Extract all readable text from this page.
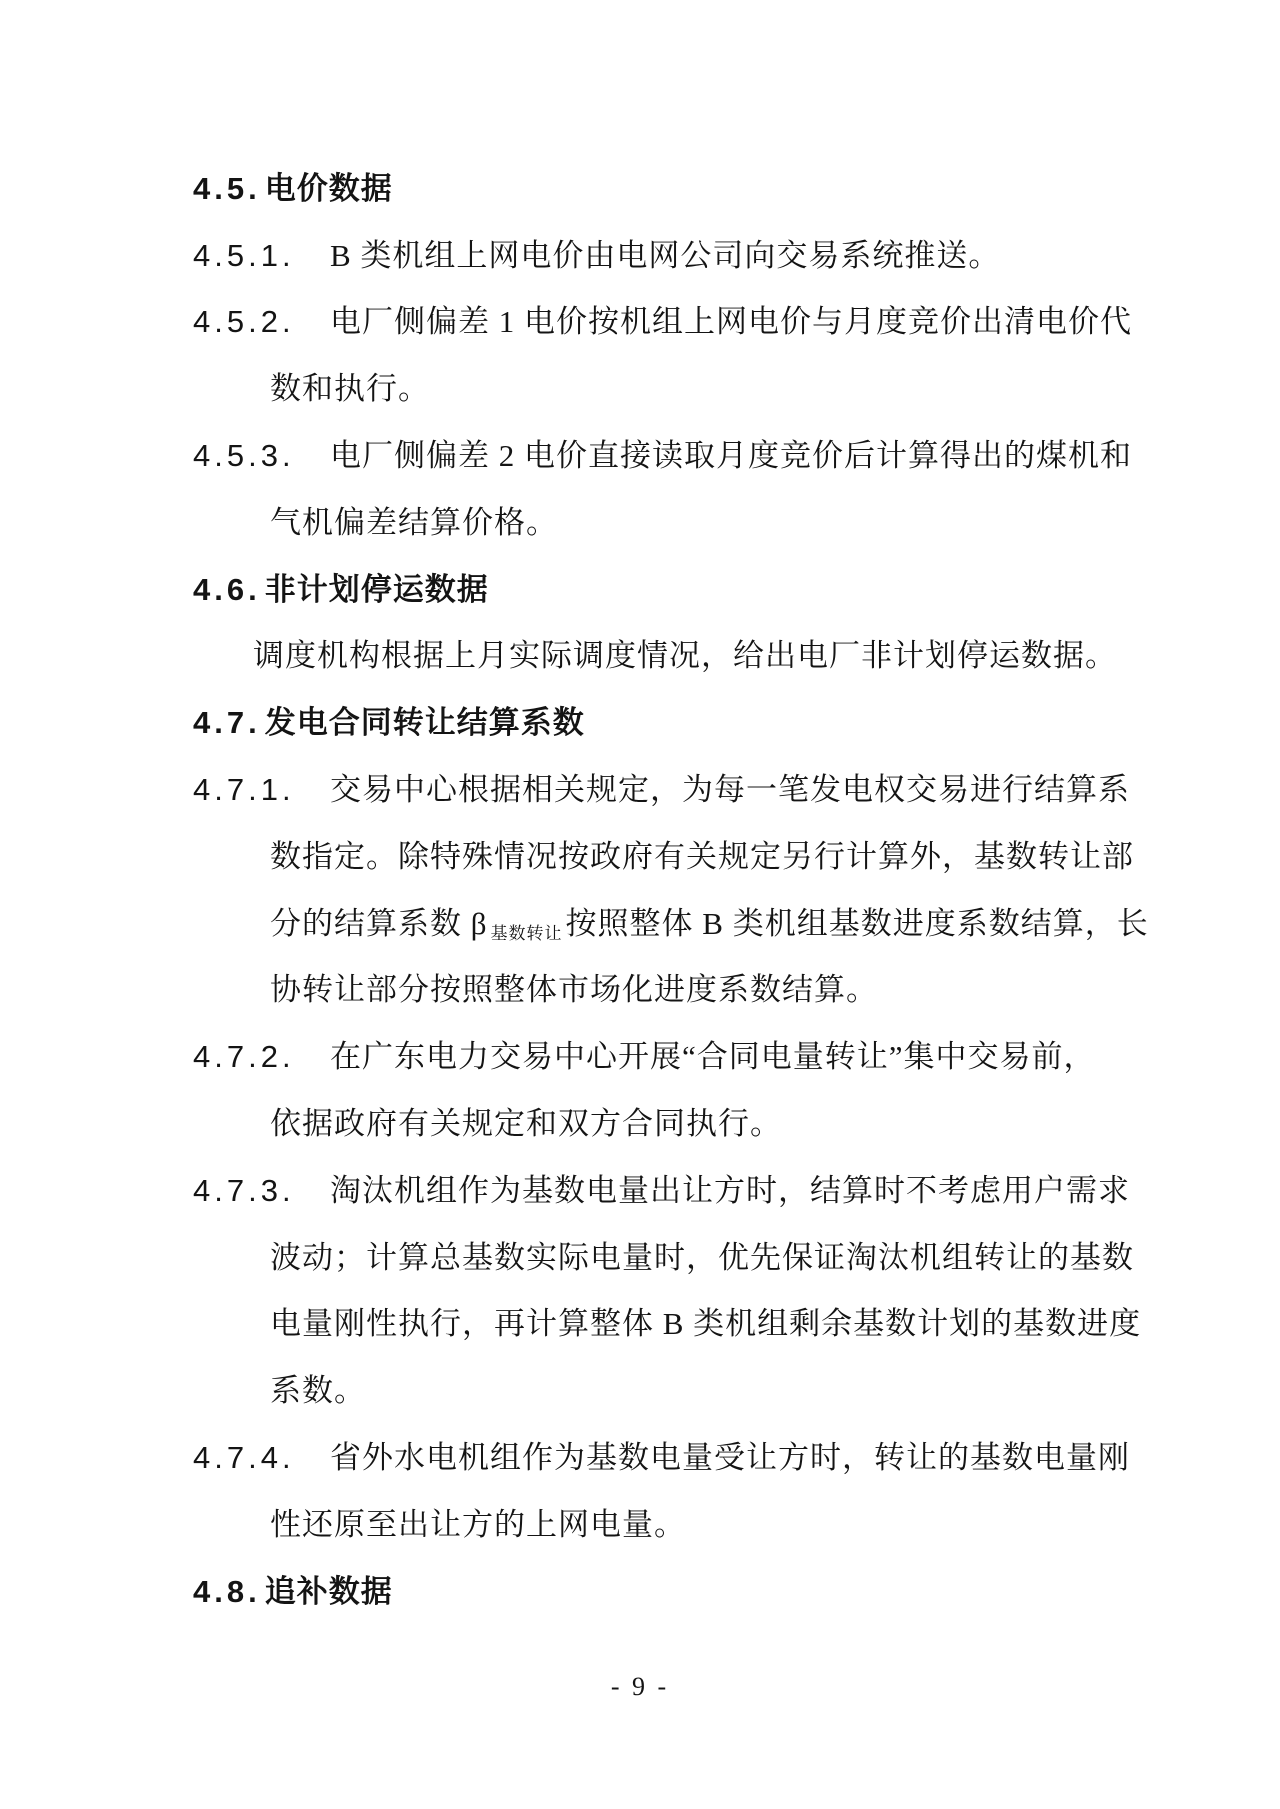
4.5. 电价数据
4.5.1.	B 类机组上网电价由电网公司向交易系统推送。
4.5.2.	电厂侧偏差 1 电价按机组上网电价与月度竞价出清电价代
数和执行。
4.5.3.	电厂侧偏差 2 电价直接读取月度竞价后计算得出的煤机和
气机偏差结算价格。
4.6. 非计划停运数据
调度机构根据上月实际调度情况，给出电厂非计划停运数据。
4.7. 发电合同转让结算系数
4.7.1.	交易中心根据相关规定，为每一笔发电权交易进行结算系
数指定。除特殊情况按政府有关规定另行计算外，基数转让部
分的结算系数 β 基数转让 按照整体 B 类机组基数进度系数结算，长
协转让部分按照整体市场化进度系数结算。
4.7.2.	在广东电力交易中心开展“合同电量转让”集中交易前，
依据政府有关规定和双方合同执行。
4.7.3.	淘汰机组作为基数电量出让方时，结算时不考虑用户需求
波动；计算总基数实际电量时，优先保证淘汰机组转让的基数
电量刚性执行，再计算整体 B 类机组剩余基数计划的基数进度
系数。
4.7.4.	省外水电机组作为基数电量受让方时，转让的基数电量刚
性还原至出让方的上网电量。
4.8. 追补数据
- 9 -
